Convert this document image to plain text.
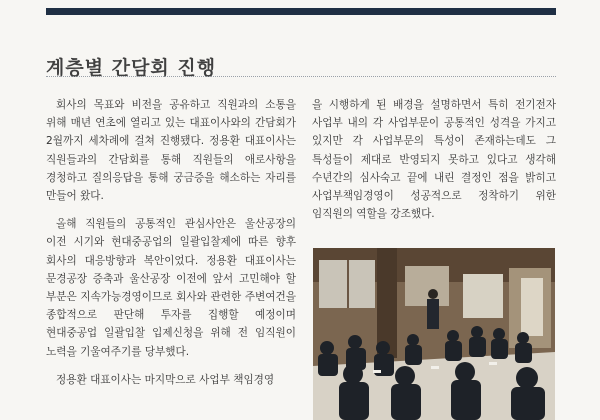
계층별 간담회 진행

회사의 목표와 비전을 공유하고 직원과의 소통을 위해 매년 연초에 열리고 있는 대표이사와의 간담회가 2월까지 세차례에 걸쳐 진행됐다. 정용환 대표이사는 직원들과의 간담회를 통해 직원들의 애로사항을 경청하고 질의응답을 통해 궁금증을 해소하는 자리를 만들어 왔다.

올해 직원들의 공통적인 관심사안은 울산공장의 이전 시기와 현대중공업의 일괄입찰제에 따른 향후 회사의 대응방향과 복안이었다. 정용환 대표이사는 문경공장 증축과 울산공장 이전에 앞서 고민해야 할 부분은 지속가능경영이므로 회사와 관련한 주변여건을 종합적으로 판단해 투자를 집행할 예정이며 현대중공업 일괄입찰 입제신청을 위해 전 임직원이 노력을 기울여주기를 당부했다.

정용환 대표이사는 마지막으로 사업부 책임경영

을 시행하게 된 배경을 설명하면서 특히 전기전자 사업부 내의 각 사업부문이 공통적인 성격을 가지고 있지만 각 사업부문의 특성이 존재하는데도 그 특성들이 제대로 반영되지 못하고 있다고 생각해 수년간의 심사숙고 끝에 내린 결정인 점을 밝히고 사업부책임경영이 성공적으로 정착하기 위한 임직원의 역할을 강조했다.
